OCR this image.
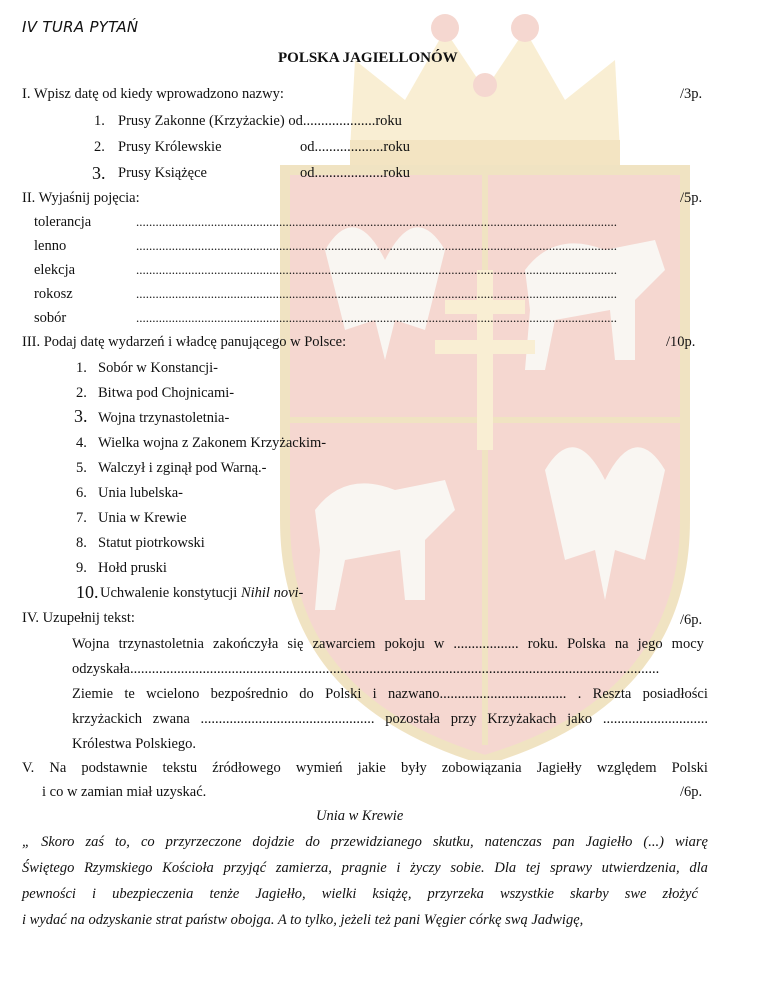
IV TURA PYTAŃ
POLSKA JAGIELLONÓW
I. Wpisz datę od kiedy wprowadzono nazwy:	/3p.
1. Prusy Zakonne (Krzyżackie) od....................roku
2. Prusy Królewskie	od...................roku
3. Prusy Książęce	od...................roku
II. Wyjaśnij pojęcia:	/5p.
tolerancja	....................................................................................................................................................
lenno	....................................................................................................................................................
elekcja	....................................................................................................................................................
rokosz	....................................................................................................................................................
sobór	....................................................................................................................................................
III. Podaj datę wydarzeń i władcę panującego w Polsce:	/10p.
1. Sobór w Konstancji-
2. Bitwa pod Chojnicami-
3. Wojna trzynastoletnia-
4. Wielka wojna z Zakonem Krzyżackim-
5. Walczył i zginął pod Warną.-
6. Unia lubelska-
7. Unia w Krewie
8. Statut piotrkowski
9. Hołd pruski
10. Uchwalenie konstytucji Nihil novi-
IV. Uzupełnij tekst:	/6p.
Wojna trzynastoletnia zakończyła się zawarciem pokoju w .................. roku. Polska na jego mocy
odzyskała..................................................................................................................................................
Ziemie te wcielono bezpośrednio do Polski i nazwano................................... . Reszta posiadłości
krzyżackich zwana ................................................ pozostała przy Krzyżakach jako .............................
Królestwa Polskiego.
V. Na podstawnie tekstu źródłowego wymień jakie były zobowiązania Jagiełły względem Polski
i co w zamian miał uzyskać.	/6p.
Unia w Krewie
„ Skoro zaś to, co przyrzeczone dojdzie do przewidzianego skutku, natenczas pan Jagiełło (...) wiarę
Świętego Rzymskiego Kościoła przyjąć zamierza, pragnie i życzy sobie. Dla tej sprawy utwierdzenia, dla
pewności i ubezpieczenia tenże Jagiełło, wielki książę, przyrzeka wszystkie skarby swe złożyć
i wydać na odzyskanie strat państw obojga. A to tylko, jeżeli też pani Węgier córkę swą Jadwigę,
